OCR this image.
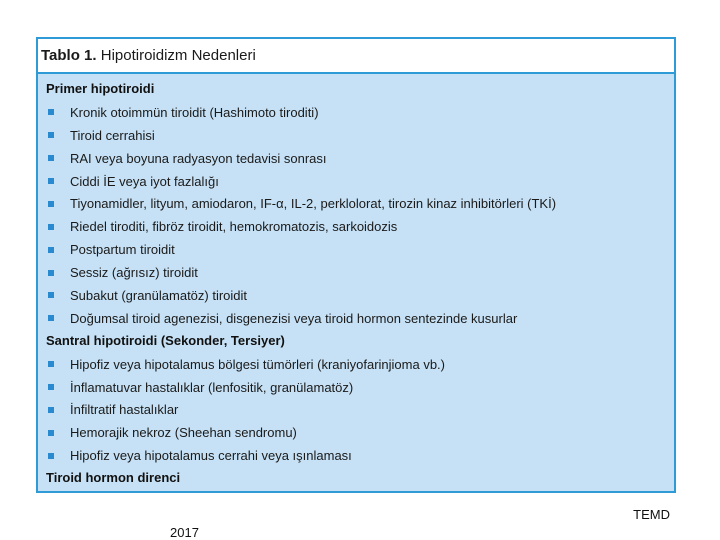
Tablo 1. Hipotiroidizm Nedenleri
Primer hipotiroidi
Kronik otoimmün tiroidit (Hashimoto tiroditi)
Tiroid cerrahisi
RAI veya boyuna radyasyon tedavisi sonrası
Ciddi İE veya iyot fazlalığı
Tiyonamidler, lityum, amiodaron, IF-α, IL-2, perklolorat, tirozin kinaz inhibitörleri (TKİ)
Riedel tiroditi, fibröz tiroidit, hemokromatozis, sarkoidozis
Postpartum tiroidit
Sessiz (ağrısız) tiroidit
Subakut (granülamatöz) tiroidit
Doğumsal tiroid agenezisi, disgenezisi veya tiroid hormon sentezinde kusurlar
Santral hipotiroidi (Sekonder, Tersiyer)
Hipofiz veya hipotalamus bölgesi tümörleri (kraniyofarinjioma vb.)
İnflamatuvar hastalıklar (lenfositik, granülamatöz)
İnfiltratif hastalıklar
Hemorajik nekroz (Sheehan sendromu)
Hipofiz veya hipotalamus cerrahi veya ışınlaması
Tiroid hormon direnci
TEMD
2017
